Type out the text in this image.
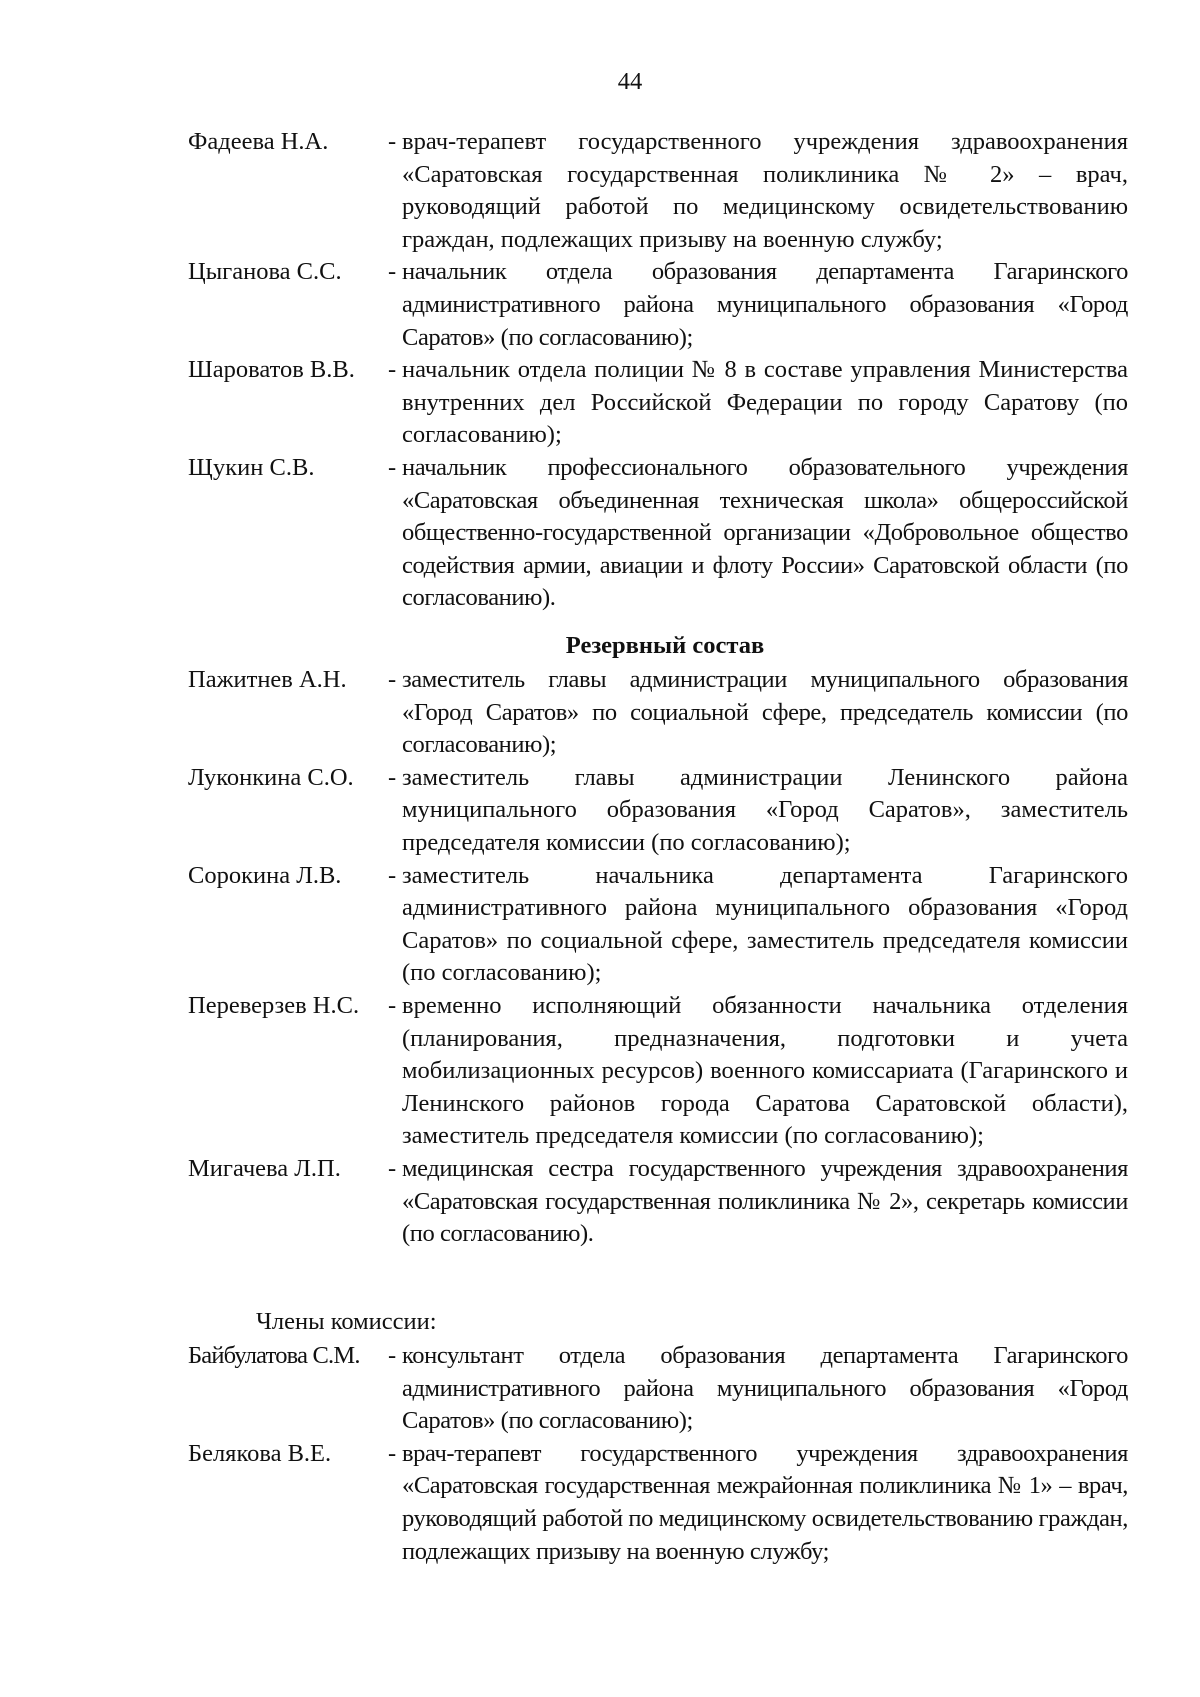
44
Фадеева Н.А.	- врач-терапевт государственного учреждения здравоохранения «Саратовская государственная поликлиника № 2» – врач, руководящий работой по медицинскому освидетельствованию граждан, подлежащих призыву на военную службу;
Цыганова С.С.	- начальник отдела образования департамента Гагаринского административного района муниципального образования «Город Саратов» (по согласованию);
Шароватов В.В.	- начальник отдела полиции № 8 в составе управления Министерства внутренних дел Российской Федерации по городу Саратову (по согласованию);
Щукин С.В.	- начальник профессионального образовательного учреждения «Саратовская объединенная техническая школа» общероссийской общественно-государственной организации «Добровольное общество содействия армии, авиации и флоту России» Саратовской области (по согласованию).
Резервный состав
Пажитнев А.Н.	- заместитель главы администрации муниципального образования «Город Саратов» по социальной сфере, председатель комиссии (по согласованию);
Луконкина С.О.	- заместитель главы администрации Ленинского района муниципального образования «Город Саратов», заместитель председателя комиссии (по согласованию);
Сорокина Л.В.	- заместитель начальника департамента Гагаринского административного района муниципального образования «Город Саратов» по социальной сфере, заместитель председателя комиссии (по согласованию);
Переверзев Н.С.	- временно исполняющий обязанности начальника отделения (планирования, предназначения, подготовки и учета мобилизационных ресурсов) военного комиссариата (Гагаринского и Ленинского районов города Саратова Саратовской области), заместитель председателя комиссии (по согласованию);
Мигачева Л.П.	- медицинская сестра государственного учреждения здравоохранения «Саратовская государственная поликлиника № 2», секретарь комиссии (по согласованию).
Члены комиссии:
Байбулатова С.М.	- консультант отдела образования департамента Гагаринского административного района муниципального образования «Город Саратов» (по согласованию);
Белякова В.Е.	- врач-терапевт государственного учреждения здравоохранения «Саратовская государственная межрайонная поликлиника № 1» – врач, руководящий работой по медицинскому освидетельствованию граждан, подлежащих призыву на военную службу;
